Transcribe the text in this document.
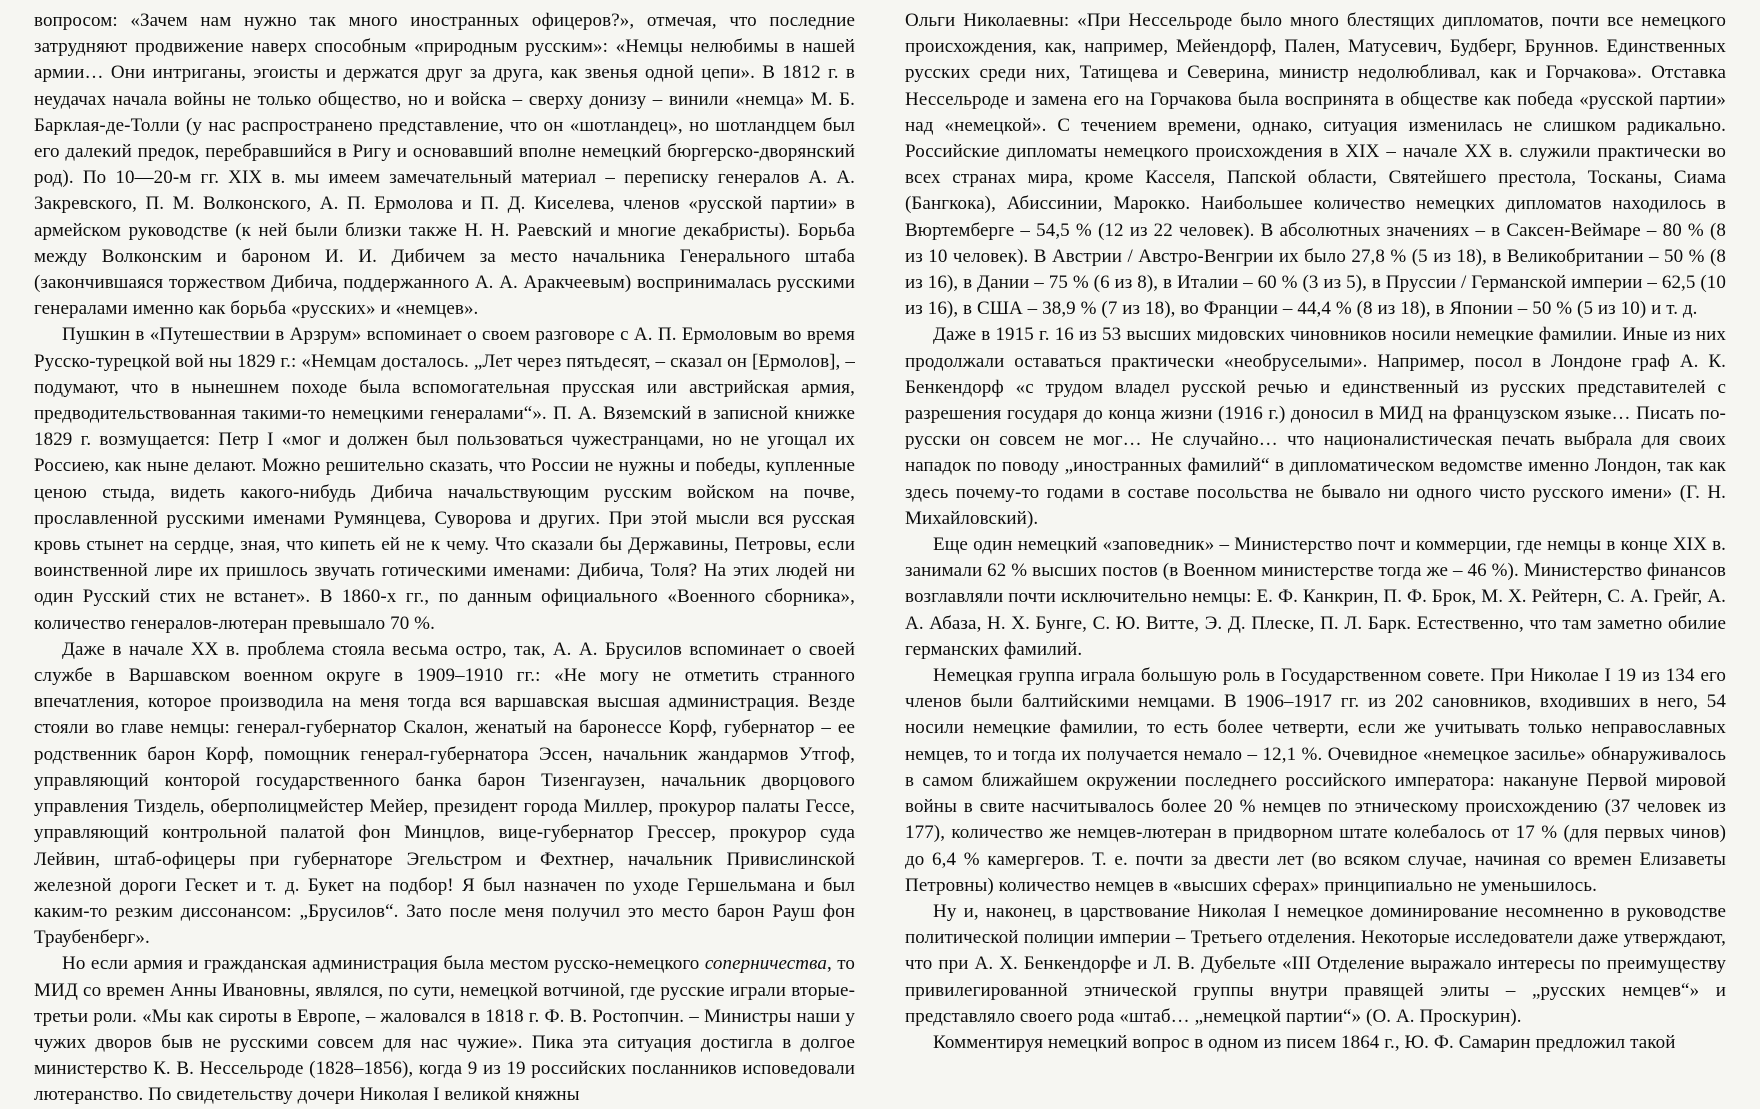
вопросом: «Зачем нам нужно так много иностранных офицеров?», отмечая, что последние затрудняют продвижение наверх способным «природным русским»: «Немцы нелюбимы в нашей армии… Они интриганы, эгоисты и держатся друг за друга, как звенья одной цепи». В 1812 г. в неудачах начала войны не только общество, но и войска – сверху донизу – винили «немца» М. Б. Барклая-де-Толли (у нас распространено представление, что он «шотландец», но шотландцем был его далекий предок, перебравшийся в Ригу и основавший вполне немецкий бюргерско-дворянский род). По 10—20-м гг. XIX в. мы имеем замечательный материал – переписку генералов А. А. Закревского, П. М. Волконского, А. П. Ермолова и П. Д. Киселева, членов «русской партии» в армейском руководстве (к ней были близки также Н. Н. Раевский и многие декабристы). Борьба между Волконским и бароном И. И. Дибичем за место начальника Генерального штаба (закончившаяся торжеством Дибича, поддержанного А. А. Аракчеевым) воспринималась русскими генералами именно как борьба «русских» и «немцев».

Пушкин в «Путешествии в Арзрум» вспоминает о своем разговоре с А. П. Ермоловым во время Русско-турецкой вой ны 1829 г.: «Немцам досталось. „Лет через пятьдесят, – сказал он [Ермолов], – подумают, что в нынешнем походе была вспомогательная прусская или австрийская армия, предводительствованная такими-то немецкими генералами“». П. А. Вяземский в записной книжке 1829 г. возмущается: Петр I «мог и должен был пользоваться чужестранцами, но не угощал их Россиею, как ныне делают. Можно решительно сказать, что России не нужны и победы, купленные ценою стыда, видеть какого-нибудь Дибича начальствующим русским войском на почве, прославленной русскими именами Румянцева, Суворова и других. При этой мысли вся русская кровь стынет на сердце, зная, что кипеть ей не к чему. Что сказали бы Державины, Петровы, если воинственной лире их пришлось звучать готическими именами: Дибича, Толя? На этих людей ни один Русский стих не встанет». В 1860-х гг., по данным официального «Военного сборника», количество генералов-лютеран превышало 70 %.

Даже в начале XX в. проблема стояла весьма остро, так, А. А. Брусилов вспоминает о своей службе в Варшавском военном округе в 1909–1910 гг.: «Не могу не отметить странного впечатления, которое производила на меня тогда вся варшавская высшая администрация. Везде стояли во главе немцы: генерал-губернатор Скалон, женатый на баронессе Корф, губернатор – ее родственник барон Корф, помощник генерал-губернатора Эссен, начальник жандармов Утгоф, управляющий конторой государственного банка барон Тизенгаузен, начальник дворцового управления Тиздель, оберполицмейстер Мейер, президент города Миллер, прокурор палаты Гессе, управляющий контрольной палатой фон Минцлов, вице-губернатор Грессер, прокурор суда Лейвин, штаб-офицеры при губернаторе Эгельстром и Фехтнер, начальник Привислинской железной дороги Гескет и т. д. Букет на подбор! Я был назначен по уходе Гершельмана и был каким-то резким диссонансом: „Брусилов“. Зато после меня получил это место барон Рауш фон Траубенберг».

Но если армия и гражданская администрация была местом русско-немецкого соперничества, то МИД со времен Анны Ивановны, являлся, по сути, немецкой вотчиной, где русские играли вторые-третьи роли. «Мы как сироты в Европе, – жаловался в 1818 г. Ф. В. Ростопчин. – Министры наши у чужих дворов быв не русскими совсем для нас чужие». Пика эта ситуация достигла в долгое министерство К. В. Нессельроде (1828–1856), когда 9 из 19 российских посланников исповедовали лютеранство. По свидетельству дочери Николая I великой княжны

Ольги Николаевны: «При Нессельроде было много блестящих дипломатов, почти все немецкого происхождения, как, например, Мейендорф, Пален, Матусевич, Будберг, Бруннов. Единственных русских среди них, Татищева и Северина, министр недолюбливал, как и Горчакова». Отставка Нессельроде и замена его на Горчакова была воспринята в обществе как победа «русской партии» над «немецкой». С течением времени, однако, ситуация изменилась не слишком радикально. Российские дипломаты немецкого происхождения в XIX – начале XX в. служили практически во всех странах мира, кроме Касселя, Папской области, Святейшего престола, Тосканы, Сиама (Бангкока), Абиссинии, Марокко. Наибольшее количество немецких дипломатов находилось в Вюртемберге – 54,5 % (12 из 22 человек). В абсолютных значениях – в Саксен-Веймаре – 80 % (8 из 10 человек). В Австрии / Австро-Венгрии их было 27,8 % (5 из 18), в Великобритании – 50 % (8 из 16), в Дании – 75 % (6 из 8), в Италии – 60 % (3 из 5), в Пруссии / Германской империи – 62,5 (10 из 16), в США – 38,9 % (7 из 18), во Франции – 44,4 % (8 из 18), в Японии – 50 % (5 из 10) и т. д.

Даже в 1915 г. 16 из 53 высших мидовских чиновников носили немецкие фамилии. Иные из них продолжали оставаться практически «необруселыми». Например, посол в Лондоне граф А. К. Бенкендорф «с трудом владел русской речью и единственный из русских представителей с разрешения государя до конца жизни (1916 г.) доносил в МИД на французском языке… Писать по-русски он совсем не мог… Не случайно… что националистическая печать выбрала для своих нападок по поводу „иностранных фамилий“ в дипломатическом ведомстве именно Лондон, так как здесь почему-то годами в составе посольства не бывало ни одного чисто русского имени» (Г. Н. Михайловский).

Еще один немецкий «заповедник» – Министерство почт и коммерции, где немцы в конце XIX в. занимали 62 % высших постов (в Военном министерстве тогда же – 46 %). Министерство финансов возглавляли почти исключительно немцы: Е. Ф. Канкрин, П. Ф. Брок, М. Х. Рейтерн, С. А. Грейг, А. А. Абаза, Н. Х. Бунге, С. Ю. Витте, Э. Д. Плеске, П. Л. Барк. Естественно, что там заметно обилие германских фамилий.

Немецкая группа играла большую роль в Государственном совете. При Николае I 19 из 134 его членов были балтийскими немцами. В 1906–1917 гг. из 202 сановников, входивших в него, 54 носили немецкие фамилии, то есть более четверти, если же учитывать только неправославных немцев, то и тогда их получается немало – 12,1 %. Очевидное «немецкое засилье» обнаруживалось в самом ближайшем окружении последнего российского императора: накануне Первой мировой войны в свите насчитывалось более 20 % немцев по этническому происхождению (37 человек из 177), количество же немцев-лютеран в придворном штате колебалось от 17 % (для первых чинов) до 6,4 % камергеров. Т. е. почти за двести лет (во всяком случае, начиная со времен Елизаветы Петровны) количество немцев в «высших сферах» принципиально не уменьшилось.

Ну и, наконец, в царствование Николая I немецкое доминирование несомненно в руководстве политической полиции империи – Третьего отделения. Некоторые исследователи даже утверждают, что при А. Х. Бенкендорфе и Л. В. Дубельте «III Отделение выражало интересы по преимуществу привилегированной этнической группы внутри правящей элиты – „русских немцев“» и представляло своего рода «штаб… „немецкой партии“» (О. А. Проскурин).

Комментируя немецкий вопрос в одном из писем 1864 г., Ю. Ф. Самарин предложил такой
